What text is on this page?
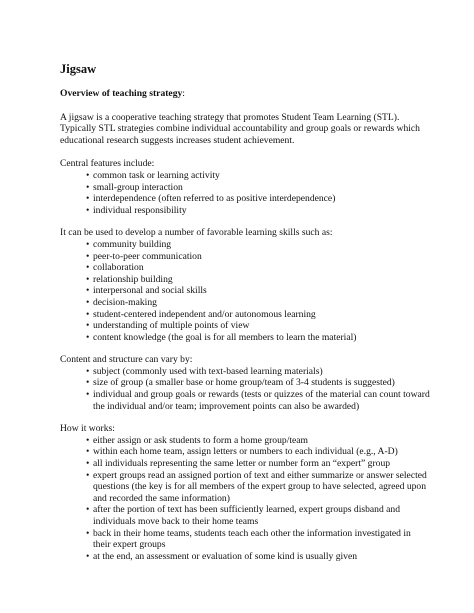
Jigsaw
Overview of teaching strategy:

A jigsaw is a cooperative teaching strategy that promotes Student Team Learning (STL). Typically STL strategies combine individual accountability and group goals or rewards which educational research suggests increases student achievement.

Central features include:

• common task or learning activity
• small-group interaction
• interdependence (often referred to as positive interdependence)
• individual responsibility

It can be used to develop a number of favorable learning skills such as:

• community building
• peer-to-peer communication
• collaboration
• relationship building
• interpersonal and social skills
• decision-making
• student-centered independent and/or autonomous learning
• understanding of multiple points of view
• content knowledge (the goal is for all members to learn the material)

Content and structure can vary by:

• subject (commonly used with text-based learning materials)
• size of group (a smaller base or home group/team of 3-4 students is suggested)
• individual and group goals or rewards (tests or quizzes of the material can count toward the individual and/or team; improvement points can also be awarded)

How it works:

• either assign or ask students to form a home group/team
• within each home team, assign letters or numbers to each individual (e.g., A-D)
• all individuals representing the same letter or number form an “expert” group
• expert groups read an assigned portion of text and either summarize or answer selected questions (the key is for all members of the expert group to have selected, agreed upon and recorded the same information)
• after the portion of text has been sufficiently learned, expert groups disband and individuals move back to their home teams
• back in their home teams, students teach each other the information investigated in their expert groups
• at the end, an assessment or evaluation of some kind is usually given
